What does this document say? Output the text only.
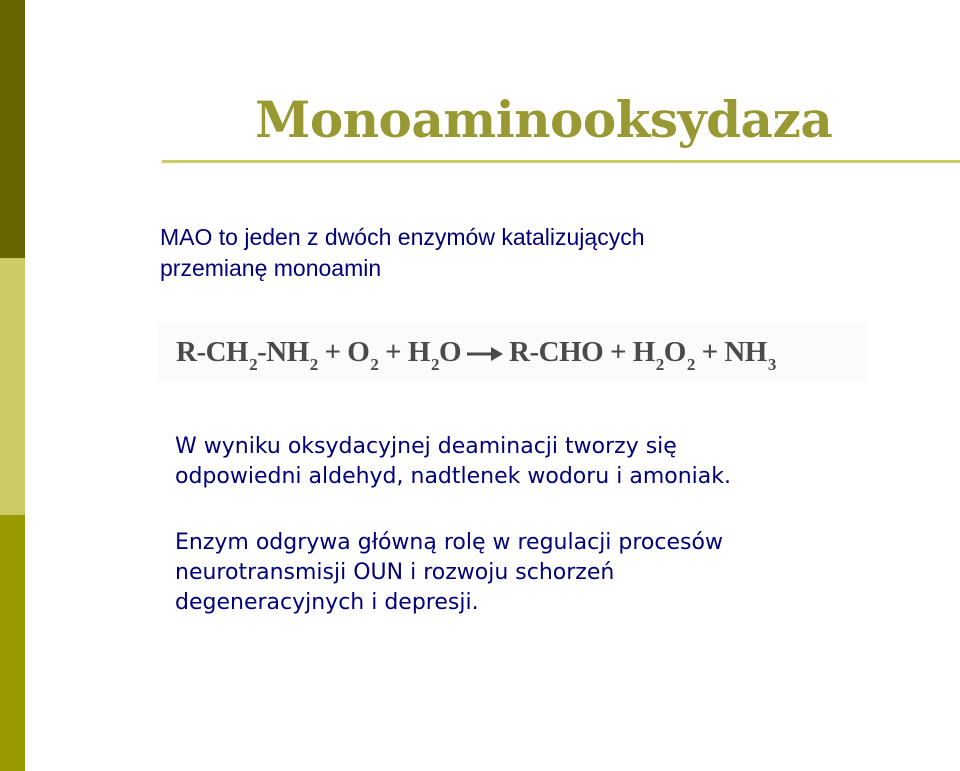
Monoaminooksydaza
MAO to jeden z dwóch enzymów katalizujących
przemianę monoamin
$R-CH_2-NH_2 + O_2 + H_2O \to R-CHO + H_2O_2 + NH_3$
W wyniku oksydacyjnej deaminacji tworzy się
odpowiedni aldehyd, nadtlenek wodoru i amoniak.
Enzym odgrywa główną rolę w regulacji procesów
neurotransmisji OUN i rozwoju schorzeń
degeneracyjnych i depresji.
